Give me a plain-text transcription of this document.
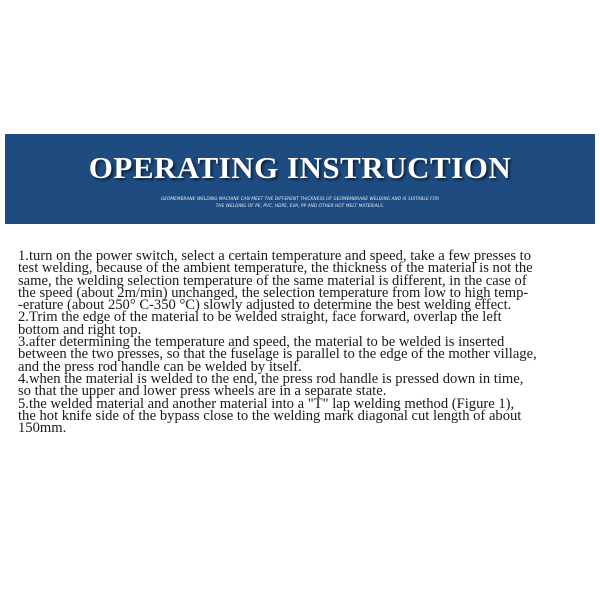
OPERATING INSTRUCTION
GEOMEMBRANE WELDING MACHINE CAN MEET THE DIFFERENT THICKNESS OF GEOMEMBRANE WELDING AND IS SUITABLE FOR
THE WELDING OF PE, PVC, HDPE, EVA, PP AND OTHER HOT MELT MATERIALS.
1.turn on the power switch, select a certain temperature and speed, take a few presses to
test welding, because of the ambient temperature, the thickness of the material is not the
same, the welding selection temperature of the same material is different, in the case of
the speed (about 2m/min) unchanged, the selection temperature from low to high temp-
-erature (about 250° C-350 °C) slowly adjusted to determine the best welding effect.
2.Trim the edge of the material to be welded straight, face forward, overlap the left
bottom and right top.
3.after determining the temperature and speed, the material to be welded is inserted
between the two presses, so that the fuselage is parallel to the edge of the mother village,
and the press rod handle can be welded by itself.
4.when the material is welded to the end, the press rod handle is pressed down in time,
so that the upper and lower press wheels are in a separate state.
5.the welded material and another material into a "T" lap welding method (Figure 1),
the hot knife side of the bypass close to the welding mark diagonal cut length of about
150mm.
